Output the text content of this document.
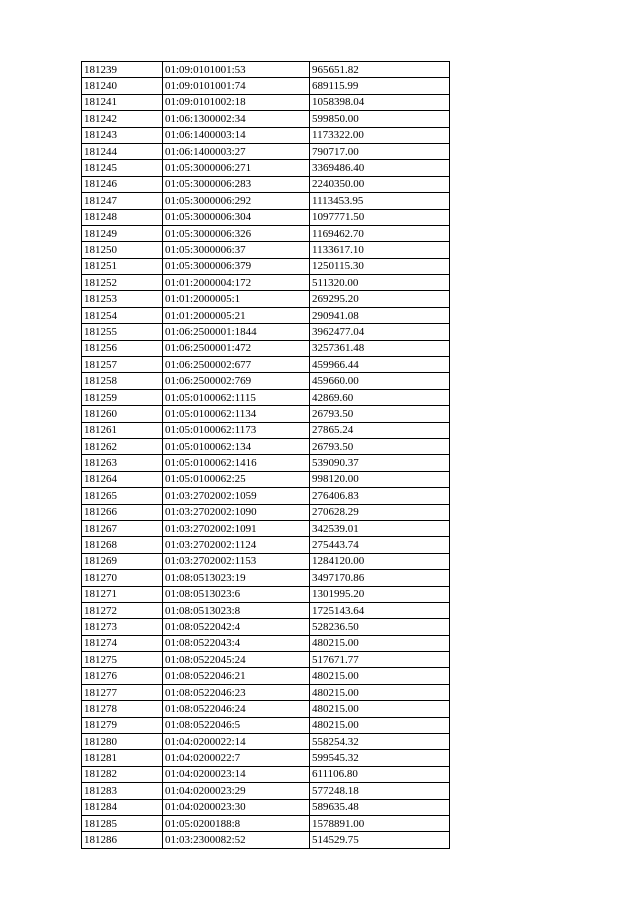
181239	01:09:0101001:53	965651.82
181240	01:09:0101001:74	689115.99
181241	01:09:0101002:18	1058398.04
181242	01:06:1300002:34	599850.00
181243	01:06:1400003:14	1173322.00
181244	01:06:1400003:27	790717.00
181245	01:05:3000006:271	3369486.40
181246	01:05:3000006:283	2240350.00
181247	01:05:3000006:292	1113453.95
181248	01:05:3000006:304	1097771.50
181249	01:05:3000006:326	1169462.70
181250	01:05:3000006:37	1133617.10
181251	01:05:3000006:379	1250115.30
181252	01:01:2000004:172	511320.00
181253	01:01:2000005:1	269295.20
181254	01:01:2000005:21	290941.08
181255	01:06:2500001:1844	3962477.04
181256	01:06:2500001:472	3257361.48
181257	01:06:2500002:677	459966.44
181258	01:06:2500002:769	459660.00
181259	01:05:0100062:1115	42869.60
181260	01:05:0100062:1134	26793.50
181261	01:05:0100062:1173	27865.24
181262	01:05:0100062:134	26793.50
181263	01:05:0100062:1416	539090.37
181264	01:05:0100062:25	998120.00
181265	01:03:2702002:1059	276406.83
181266	01:03:2702002:1090	270628.29
181267	01:03:2702002:1091	342539.01
181268	01:03:2702002:1124	275443.74
181269	01:03:2702002:1153	1284120.00
181270	01:08:0513023:19	3497170.86
181271	01:08:0513023:6	1301995.20
181272	01:08:0513023:8	1725143.64
181273	01:08:0522042:4	528236.50
181274	01:08:0522043:4	480215.00
181275	01:08:0522045:24	517671.77
181276	01:08:0522046:21	480215.00
181277	01:08:0522046:23	480215.00
181278	01:08:0522046:24	480215.00
181279	01:08:0522046:5	480215.00
181280	01:04:0200022:14	558254.32
181281	01:04:0200022:7	599545.32
181282	01:04:0200023:14	611106.80
181283	01:04:0200023:29	577248.18
181284	01:04:0200023:30	589635.48
181285	01:05:0200188:8	1578891.00
181286	01:03:2300082:52	514529.75
